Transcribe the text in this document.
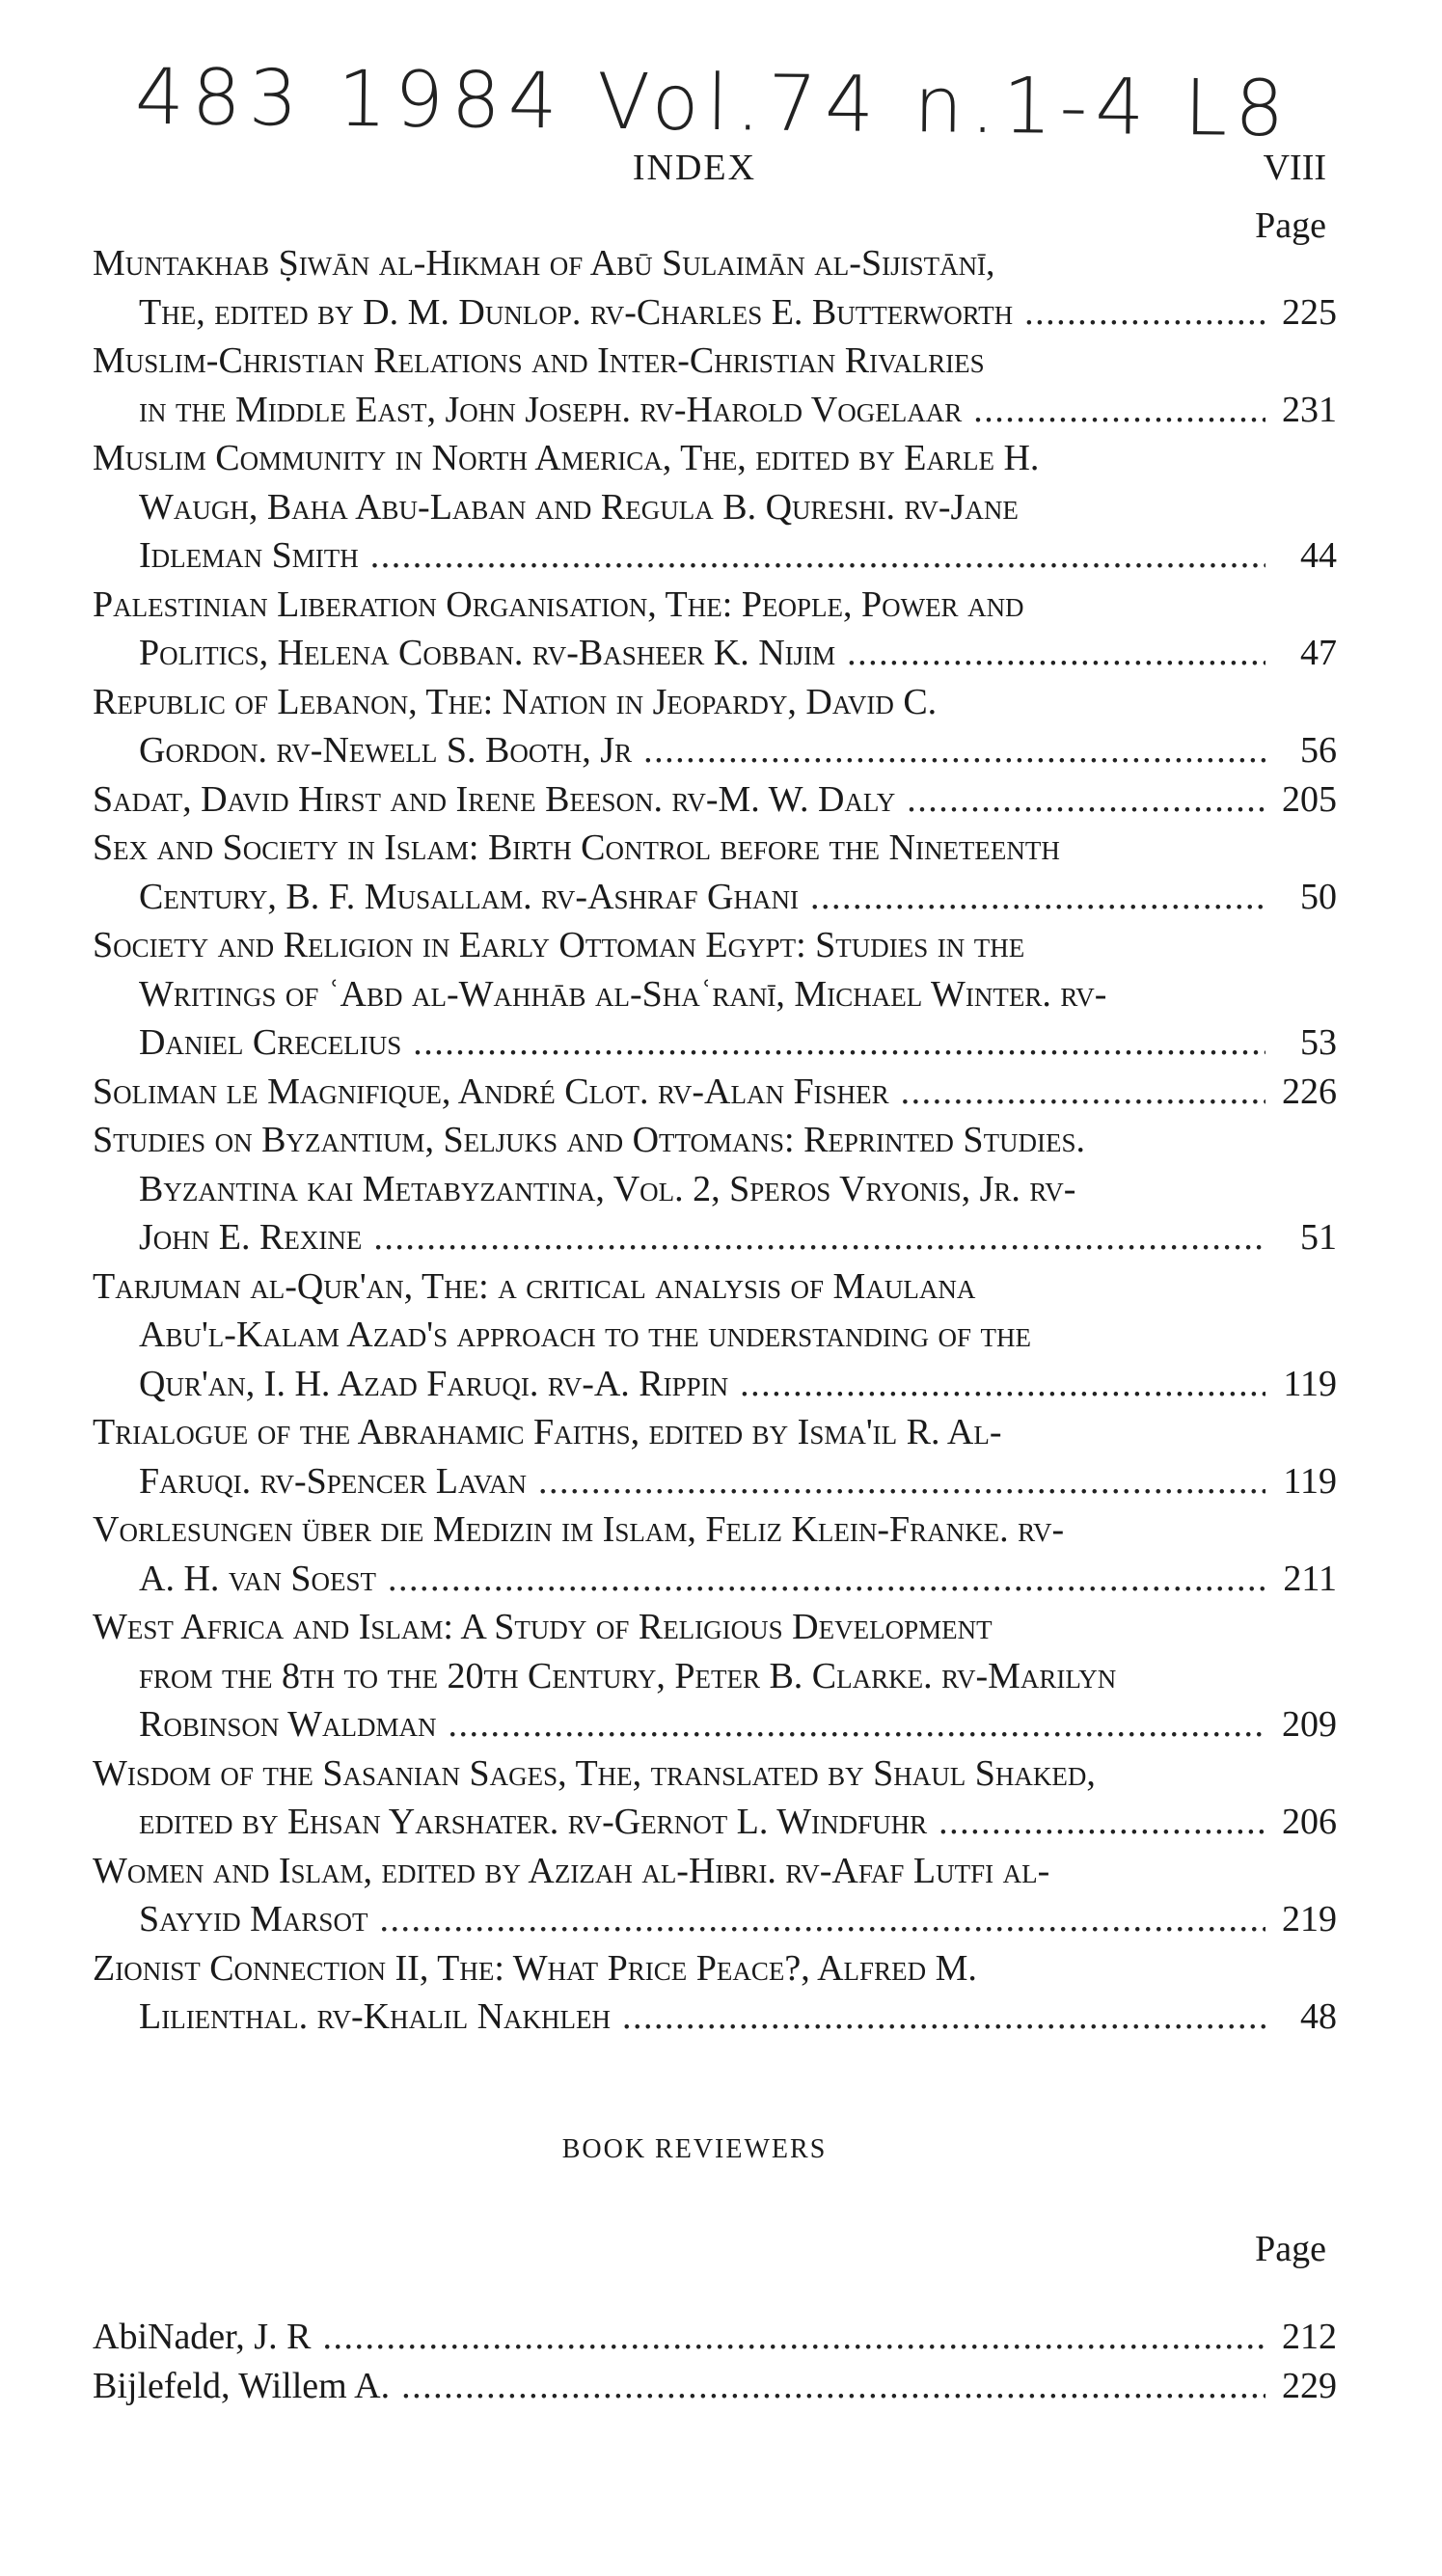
483 1984 Vol.74 n.1-4 L8
INDEX	VIII
Page
Muntakhab Ṣiwān al-Hikmah of Abū Sulaimān al-Sijistānī,
The, edited by D. M. Dunlop. rv-Charles E. Butterworth . . .	225
Muslim-Christian Relations and Inter-Christian Rivalries
in the Middle East, John Joseph. rv-Harold Vogelaar . . .	231
Muslim Community in North America, The, edited by Earle H.
Waugh, Baha Abu-Laban and Regula B. Qureshi. rv-Jane
Idleman Smith . . .	44
Palestinian Liberation Organisation, The: People, Power and
Politics, Helena Cobban. rv-Basheer K. Nijim . . .	47
Republic of Lebanon, The: Nation in Jeopardy, David C.
Gordon. rv-Newell S. Booth, Jr . . .	56
Sadat, David Hirst and Irene Beeson. rv-M. W. Daly . . .	205
Sex and Society in Islam: Birth Control before the Nineteenth
Century, B. F. Musallam. rv-Ashraf Ghani . . .	50
Society and Religion in Early Ottoman Egypt: Studies in the
Writings of ʿAbd al-Wahhāb al-Shaʿranī, Michael Winter. rv-
Daniel Crecelius . . .	53
Soliman le Magnifique, André Clot. rv-Alan Fisher . . .	226
Studies on Byzantium, Seljuks and Ottomans: Reprinted Studies.
Byzantina kai Metabyzantina, Vol. 2, Speros Vryonis, Jr. rv-
John E. Rexine . . .	51
Tarjuman al-Qur'an, The: a critical analysis of Maulana
Abu'l-Kalam Azad's approach to the understanding of the
Qur'an, I. H. Azad Faruqi. rv-A. Rippin . . .	119
Trialogue of the Abrahamic Faiths, edited by Isma'il R. Al-
Faruqi. rv-Spencer Lavan . . .	119
Vorlesungen über die Medizin im Islam, Feliz Klein-Franke. rv-
A. H. van Soest . . .	211
West Africa and Islam: A Study of Religious Development
from the 8th to the 20th Century, Peter B. Clarke. rv-Marilyn
Robinson Waldman . . .	209
Wisdom of the Sasanian Sages, The, translated by Shaul Shaked,
edited by Ehsan Yarshater. rv-Gernot L. Windfuhr . . .	206
Women and Islam, edited by Azizah al-Hibri. rv-Afaf Lutfi al-
Sayyid Marsot . . .	219
Zionist Connection II, The: What Price Peace?, Alfred M.
Lilienthal. rv-Khalil Nakhleh . . .	48
BOOK REVIEWERS
Page
AbiNader, J. R . . .	212
Bijlefeld, Willem A. . . .	229
